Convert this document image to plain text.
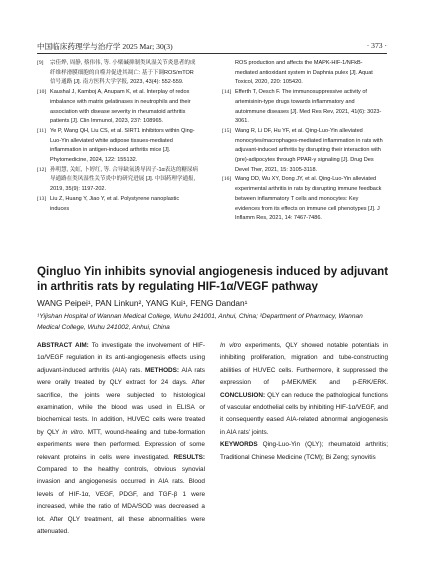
中国临床药理学与治疗学 2025 Mar; 30(3)	· 373 ·
[9]	宗佳烨, 周静, 蔡伟伟, 等. 小檗碱抑制类风湿关节炎患者的成纤维样滑膜细胞的自噬并促进其凋亡: 基于下调ROS/mTOR 信号通路 [J]. 南方医科大学学报, 2023, 43(4): 552-559.
[10] Kaushal J, Kamboj A, Anupam K, et al. Interplay of redox imbalance with matrix gelatinases in neutrophils and their association with disease severity in rheumatoid arthritis patients [J]. Clin Immunol, 2023, 237: 108965.
[11] Ye P, Wang QH, Liu CS, et al. SIRT1 inhibitors within Qing-Luo-Yin alleviated white adipose tissues-mediated inflammation in antigen-induced arthritis mice [J]. Phytomedicine, 2024, 122: 155132.
[12] 孙明慧, 关虹, 卜婷红, 等. 合导缺氧诱导因子-1α表达的糖尿病导通路在类风湿性关节炎中的研究进展 [J]. 中国药理学通报, 2019, 35(9): 1197-202.
[13] Liu Z, Huang Y, Jiao Y, et al. Polystyrene nanoplastic induces
ROS production and affects the MAPK-HIF-1/NFkB-mediated antioxidant system in Daphnia pulex [J]. Aquat Toxicol, 2020, 220: 105420.
[14] Efferth T, Oesch F. The immunosuppressive activity of artemisinin-type drugs towards inflammatory and autoimmune diseases [J]. Med Res Rev, 2021, 41(6): 3023-3061.
[15] Wang R, Li DF, Hu YF, et al. Qing-Luo-Yin alleviated monocytes/macrophages-mediated inflammation in rats with adjuvant-induced arthritis by disrupting their interaction with (pre)-adipocytes through PPAR-γ signaling [J]. Drug Des Devel Ther, 2021, 15: 3105-3118.
[16] Wang DD, Wu XY, Dong JY, et al. Qing-Luo-Yin alleviated experimental arthritis in rats by disrupting immune feedback between inflammatory T cells and monocytes: Key evidences from its effects on immune cell phenotypes [J]. J Inflamm Res, 2021, 14: 7467-7486.
Qingluo Yin inhibits synovial angiogenesis induced by adjuvant in arthritis rats by regulating HIF-1α/VEGF pathway
WANG Peipei¹, PAN Linkun², YANG Kui¹, FENG Dandan¹
¹Yijishan Hospital of Wannan Medical College, Wuhu 241001, Anhui, China; ²Department of Pharmacy, Wannan Medical College, Wuhu 241002, Anhui, China

ABSTRACT AIM: To investigate the involvement of HIF-1α/VEGF regulation in its anti-angiogenesis effects using adjuvant-induced arthritis (AIA) rats. METHODS: AIA rats were orally treated by QLY extract for 24 days. After sacrifice, the joints were subjected to histological examination, while the blood was used in ELISA or biochemical tests. In addition, HUVEC cells were treated by QLY in vitro. MTT, wound-healing and tube-formation experiments were then performed. Expression of some relevant proteins in cells were investigated. RESULTS: Compared to the healthy controls, obvious synovial invasion and angiogenesis occurred in AIA rats. Blood levels of HIF-1α, VEGF, PDGF, and TGF-β 1 were increased, while the ratio of MDA/SOD was decreased a lot. After QLY treatment, all these abnormalities were attenuated.

In vitro experiments, QLY showed notable potentials in inhibiting proliferation, migration and tube-constructing abilities of HUVEC cells. Furthermore, it suppressed the expression of p-MEK/MEK and p-ERK/ERK. CONCLUSION: QLY can reduce the pathological functions of vascular endothelial cells by inhibiting HIF-1α/VEGF, and it consequently eased AIA-related abnormal angiogenesis in AIA rats' joints.

KEYWORDS Qing-Luo-Yin (QLY); rheumatoid arthritis; Traditional Chinese Medicine (TCM); Bi Zeng; synovitis
